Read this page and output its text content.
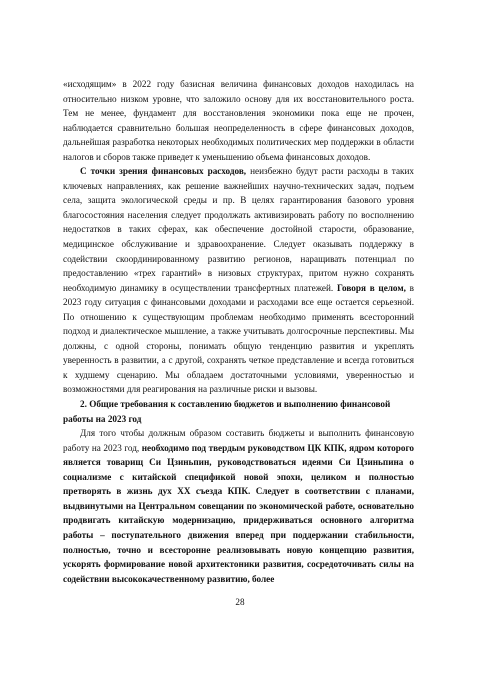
«исходящим» в 2022 году базисная величина финансовых доходов находилась на относительно низком уровне, что заложило основу для их восстановительного роста. Тем не менее, фундамент для восстановления экономики пока еще не прочен, наблюдается сравнительно большая неопределенность в сфере финансовых доходов, дальнейшая разработка некоторых необходимых политических мер поддержки в области налогов и сборов также приведет к уменьшению объема финансовых доходов.

С точки зрения финансовых расходов, неизбежно будут расти расходы в таких ключевых направлениях, как решение важнейших научно-технических задач, подъем села, защита экологической среды и пр. В целях гарантирования базового уровня благосостояния населения следует продолжать активизировать работу по восполнению недостатков в таких сферах, как обеспечение достойной старости, образование, медицинское обслуживание и здравоохранение. Следует оказывать поддержку в содействии скоординированному развитию регионов, наращивать потенциал по предоставлению «трех гарантий» в низовых структурах, притом нужно сохранять необходимую динамику в осуществлении трансфертных платежей. Говоря в целом, в 2023 году ситуация с финансовыми доходами и расходами все еще остается серьезной. По отношению к существующим проблемам необходимо применять всесторонний подход и диалектическое мышление, а также учитывать долгосрочные перспективы. Мы должны, с одной стороны, понимать общую тенденцию развития и укреплять уверенность в развитии, а с другой, сохранять четкое представление и всегда готовиться к худшему сценарию. Мы обладаем достаточными условиями, уверенностью и возможностями для реагирования на различные риски и вызовы.

2. Общие требования к составлению бюджетов и выполнению финансовой работы на 2023 год

Для того чтобы должным образом составить бюджеты и выполнить финансовую работу на 2023 год, необходимо под твердым руководством ЦК КПК, ядром которого является товарищ Си Цзиньпин, руководствоваться идеями Си Цзиньпина о социализме с китайской спецификой новой эпохи, целиком и полностью претворять в жизнь дух XX съезда КПК. Следует в соответствии с планами, выдвинутыми на Центральном совещании по экономической работе, основательно продвигать китайскую модернизацию, придерживаться основного алгоритма работы – поступательного движения вперед при поддержании стабильности, полностью, точно и всесторонне реализовывать новую концепцию развития, ускорять формирование новой архитектоники развития, сосредоточивать силы на содействии высококачественному развитию, более

28
